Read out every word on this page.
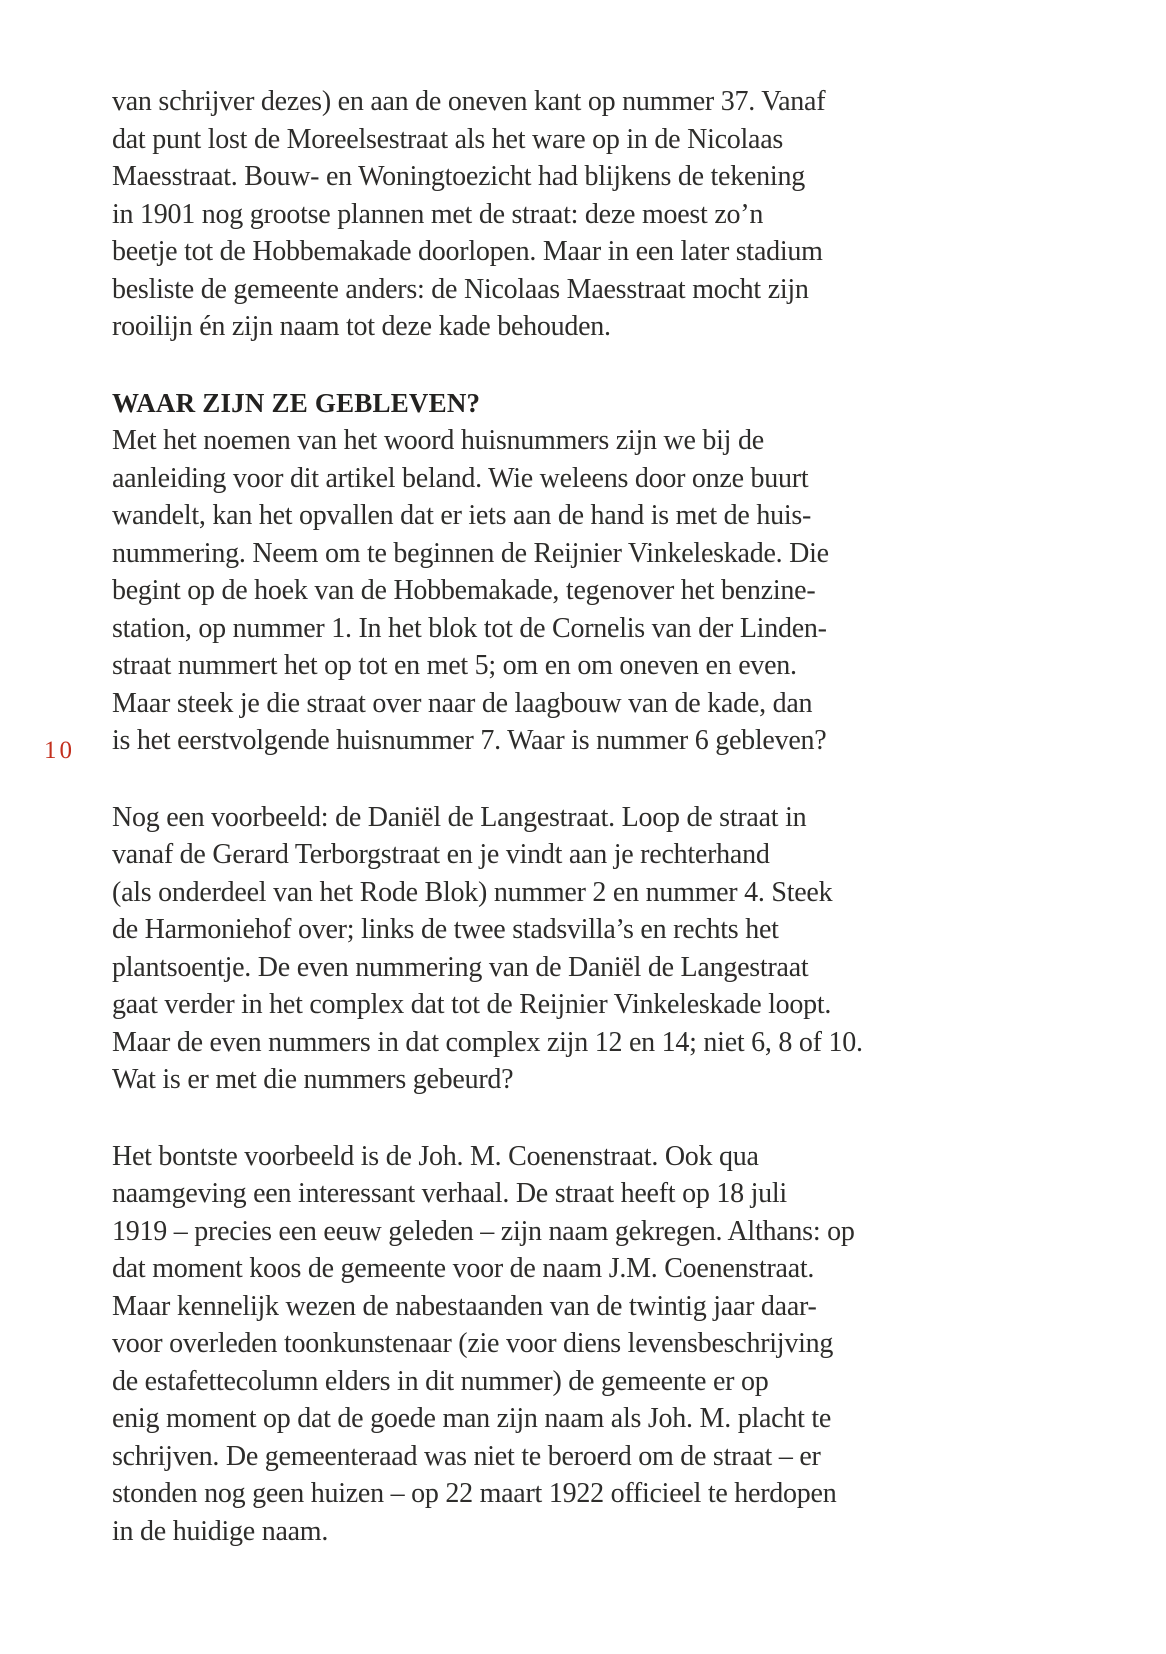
10

van schrijver dezes) en aan de oneven kant op nummer 37. Vanaf
dat punt lost de Moreelsestraat als het ware op in de Nicolaas
Maesstraat. Bouw- en Woningtoezicht had blijkens de tekening
in 1901 nog grootse plannen met de straat: deze moest zo’n
beetje tot de Hobbemakade doorlopen. Maar in een later stadium
besliste de gemeente anders: de Nicolaas Maesstraat mocht zijn
rooilijn én zijn naam tot deze kade behouden.

WAAR ZIJN ZE GEBLEVEN?

Met het noemen van het woord huisnummers zijn we bij de
aanleiding voor dit artikel beland. Wie weleens door onze buurt
wandelt, kan het opvallen dat er iets aan de hand is met de huis-
nummering. Neem om te beginnen de Reijnier Vinkeleskade. Die
begint op de hoek van de Hobbemakade, tegenover het benzine-
station, op nummer 1. In het blok tot de Cornelis van der Linden-
straat nummert het op tot en met 5; om en om oneven en even.
Maar steek je die straat over naar de laagbouw van de kade, dan
is het eerstvolgende huisnummer 7. Waar is nummer 6 gebleven?

Nog een voorbeeld: de Daniël de Langestraat. Loop de straat in
vanaf de Gerard Terborgstraat en je vindt aan je rechterhand
(als onderdeel van het Rode Blok) nummer 2 en nummer 4. Steek
de Harmoniehof over; links de twee stadsvilla’s en rechts het
plantsoentje. De even nummering van de Daniël de Langestraat
gaat verder in het complex dat tot de Reijnier Vinkeleskade loopt.
Maar de even nummers in dat complex zijn 12 en 14; niet 6, 8 of 10.
Wat is er met die nummers gebeurd?

Het bontste voorbeeld is de Joh. M. Coenenstraat. Ook qua
naamgeving een interessant verhaal. De straat heeft op 18 juli
1919 – precies een eeuw geleden – zijn naam gekregen. Althans: op
dat moment koos de gemeente voor de naam J.M. Coenenstraat.
Maar kennelijk wezen de nabestaanden van de twintig jaar daar-
voor overleden toonkunstenaar (zie voor diens levensbeschrijving
de estafettecolumn elders in dit nummer) de gemeente er op
enig moment op dat de goede man zijn naam als Joh. M. placht te
schrijven. De gemeenteraad was niet te beroerd om de straat – er
stonden nog geen huizen – op 22 maart 1922 officieel te herdopen
in de huidige naam.
